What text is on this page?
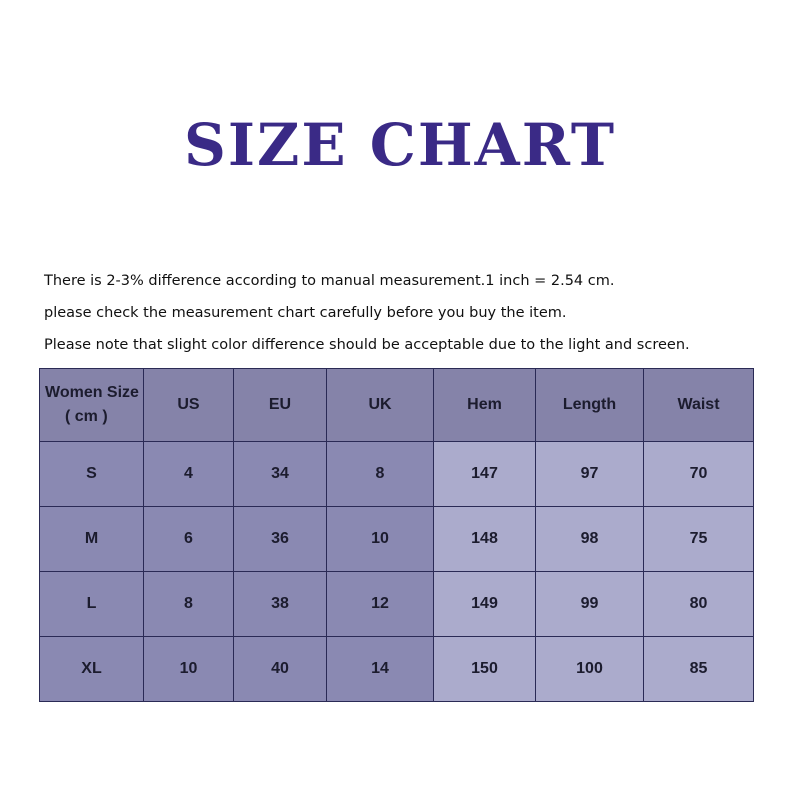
SIZE CHART
There is 2-3% difference according to manual measurement.1 inch = 2.54 cm.
please check the measurement chart carefully before you buy the item.
Please note that slight color difference should be acceptable due to the light and screen.
Women Size
( cm )	US	EU	UK	Hem	Length	Waist
S	4	34	8	147	97	70
M	6	36	10	148	98	75
L	8	38	12	149	99	80
XL	10	40	14	150	100	85
